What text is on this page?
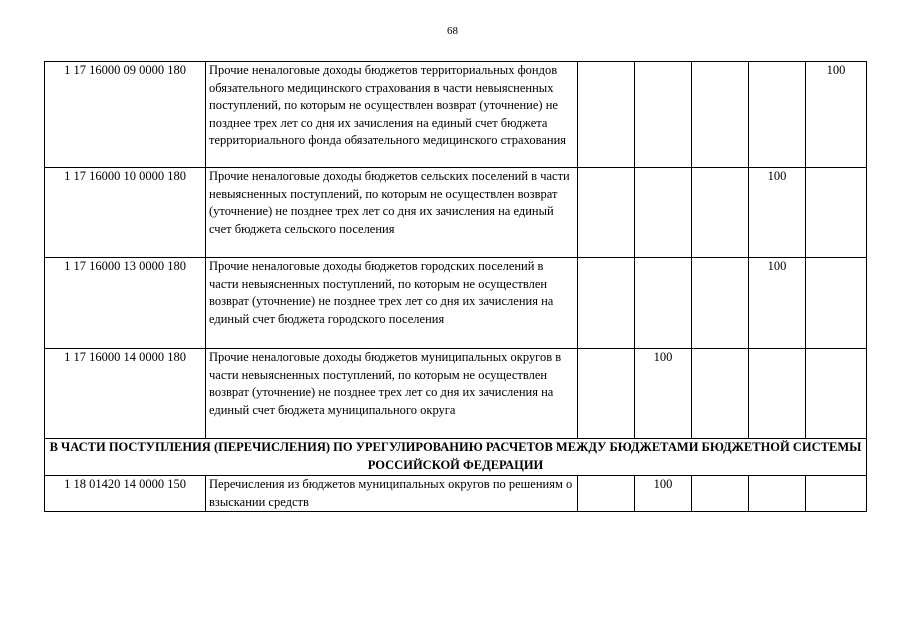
68
1 17 16000 09 0000 180	Прочие неналоговые доходы бюджетов территориальных фондов обязательного медицинского страхования в части невыясненных поступлений, по которым не осуществлен возврат (уточнение) не позднее трех лет со дня их зачисления на единый счет бюджета территориального фонда обязательного медицинского страхования					100
1 17 16000 10 0000 180	Прочие неналоговые доходы бюджетов сельских поселений в части невыясненных поступлений, по которым не осуществлен возврат (уточнение) не позднее трех лет со дня их зачисления на единый счет бюджета сельского поселения				100	
1 17 16000 13 0000 180	Прочие неналоговые доходы бюджетов городских поселений в части невыясненных поступлений, по которым не осуществлен возврат (уточнение) не позднее трех лет со дня их зачисления на единый счет бюджета городского поселения				100	
1 17 16000 14 0000 180	Прочие неналоговые доходы бюджетов муниципальных округов в части невыясненных поступлений, по которым не осуществлен возврат (уточнение) не позднее трех лет со дня их зачисления на единый счет бюджета муниципального округа		100			
В ЧАСТИ ПОСТУПЛЕНИЯ (ПЕРЕЧИСЛЕНИЯ) ПО УРЕГУЛИРОВАНИЮ РАСЧЕТОВ МЕЖДУ БЮДЖЕТАМИ БЮДЖЕТНОЙ СИСТЕМЫ РОССИЙСКОЙ ФЕДЕРАЦИИ						
1 18 01420 14 0000 150	Перечисления из бюджетов муниципальных округов по решениям о взыскании средств		100			
